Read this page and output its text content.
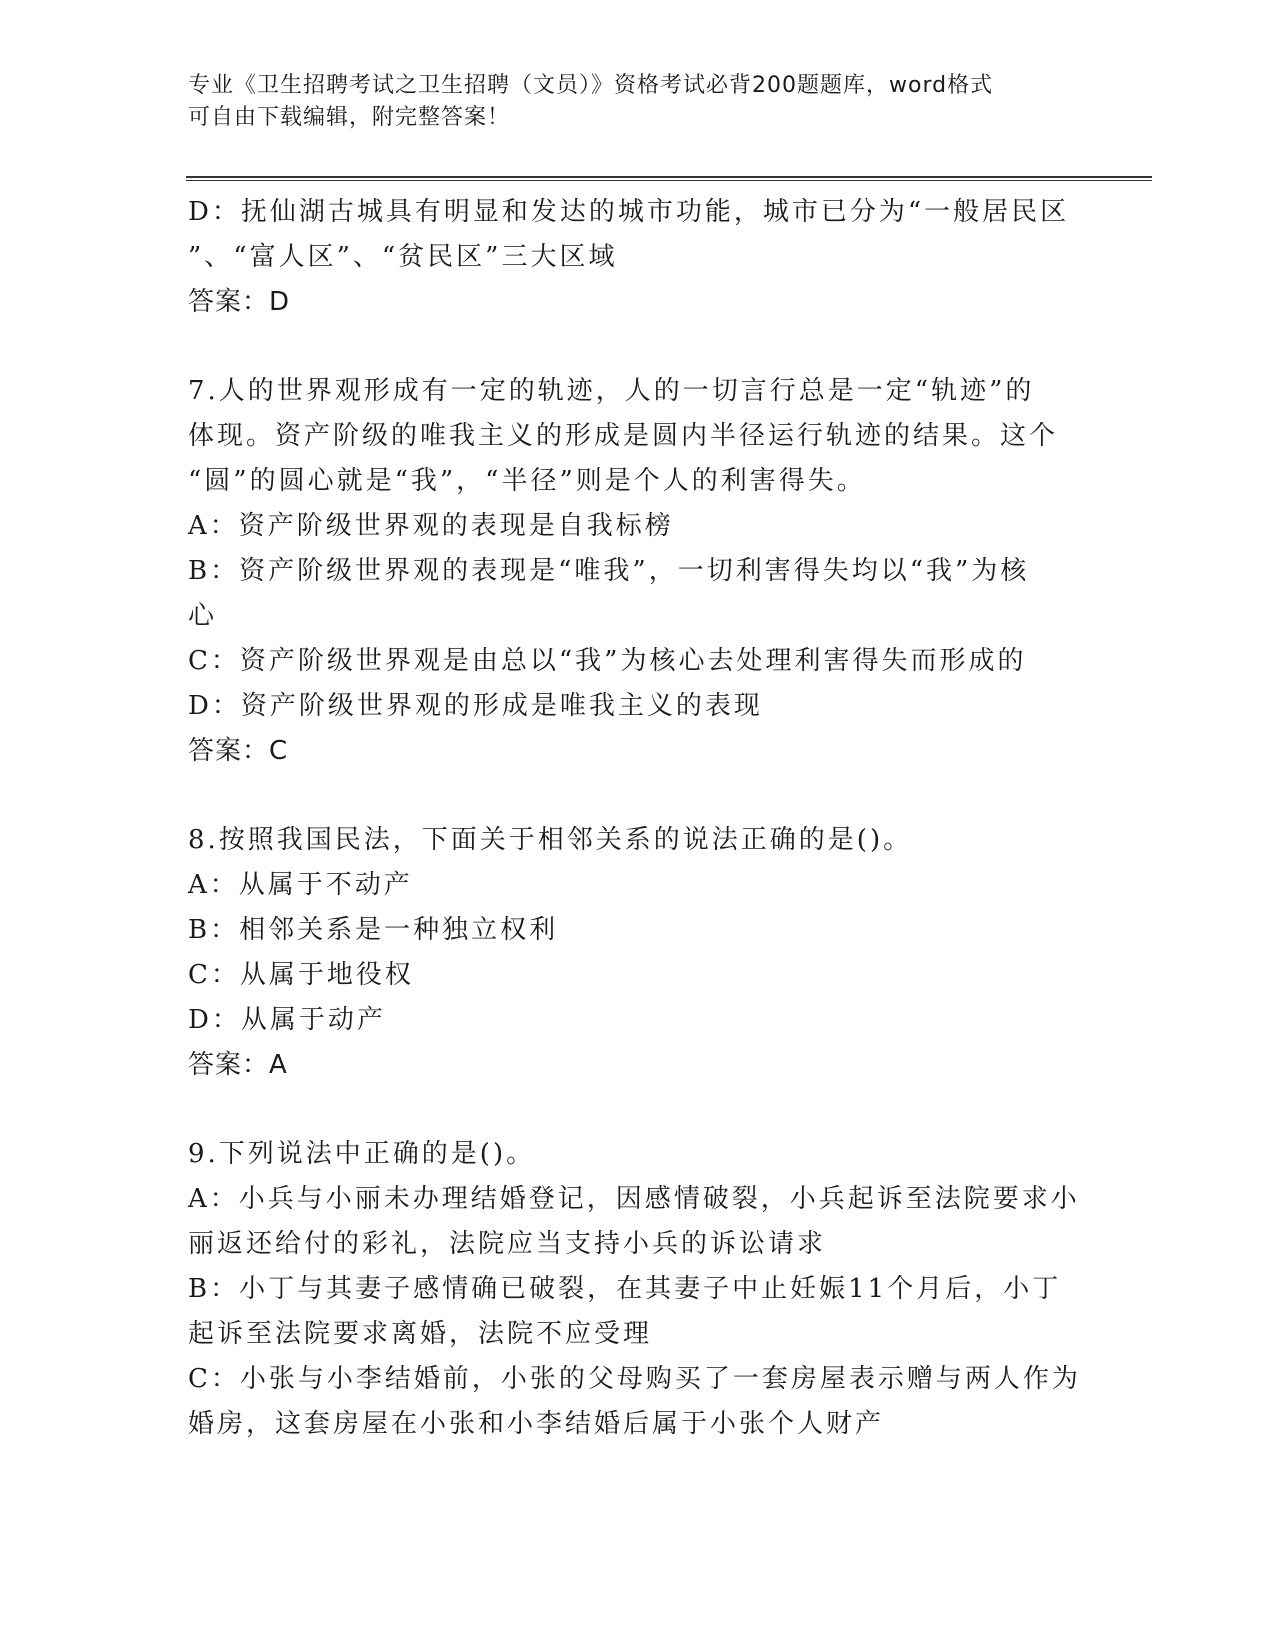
专业《卫生招聘考试之卫生招聘（文员）》资格考试必背200题题库，word格式
可自由下载编辑，附完整答案！
D：抚仙湖古城具有明显和发达的城市功能，城市已分为“一般居民区
”、“富人区”、“贫民区”三大区域
答案：D
7.人的世界观形成有一定的轨迹，人的一切言行总是一定“轨迹”的
体现。资产阶级的唯我主义的形成是圆内半径运行轨迹的结果。这个
“圆”的圆心就是“我”，“半径”则是个人的利害得失。
A：资产阶级世界观的表现是自我标榜
B：资产阶级世界观的表现是“唯我”，一切利害得失均以“我”为核
心
C：资产阶级世界观是由总以“我”为核心去处理利害得失而形成的
D：资产阶级世界观的形成是唯我主义的表现
答案：C
8.按照我国民法，下面关于相邻关系的说法正确的是()。
A：从属于不动产
B：相邻关系是一种独立权利
C：从属于地役权
D：从属于动产
答案：A
9.下列说法中正确的是()。
A：小兵与小丽未办理结婚登记，因感情破裂，小兵起诉至法院要求小
丽返还给付的彩礼，法院应当支持小兵的诉讼请求
B：小丁与其妻子感情确已破裂，在其妻子中止妊娠11个月后，小丁
起诉至法院要求离婚，法院不应受理
C：小张与小李结婚前，小张的父母购买了一套房屋表示赠与两人作为
婚房，这套房屋在小张和小李结婚后属于小张个人财产
